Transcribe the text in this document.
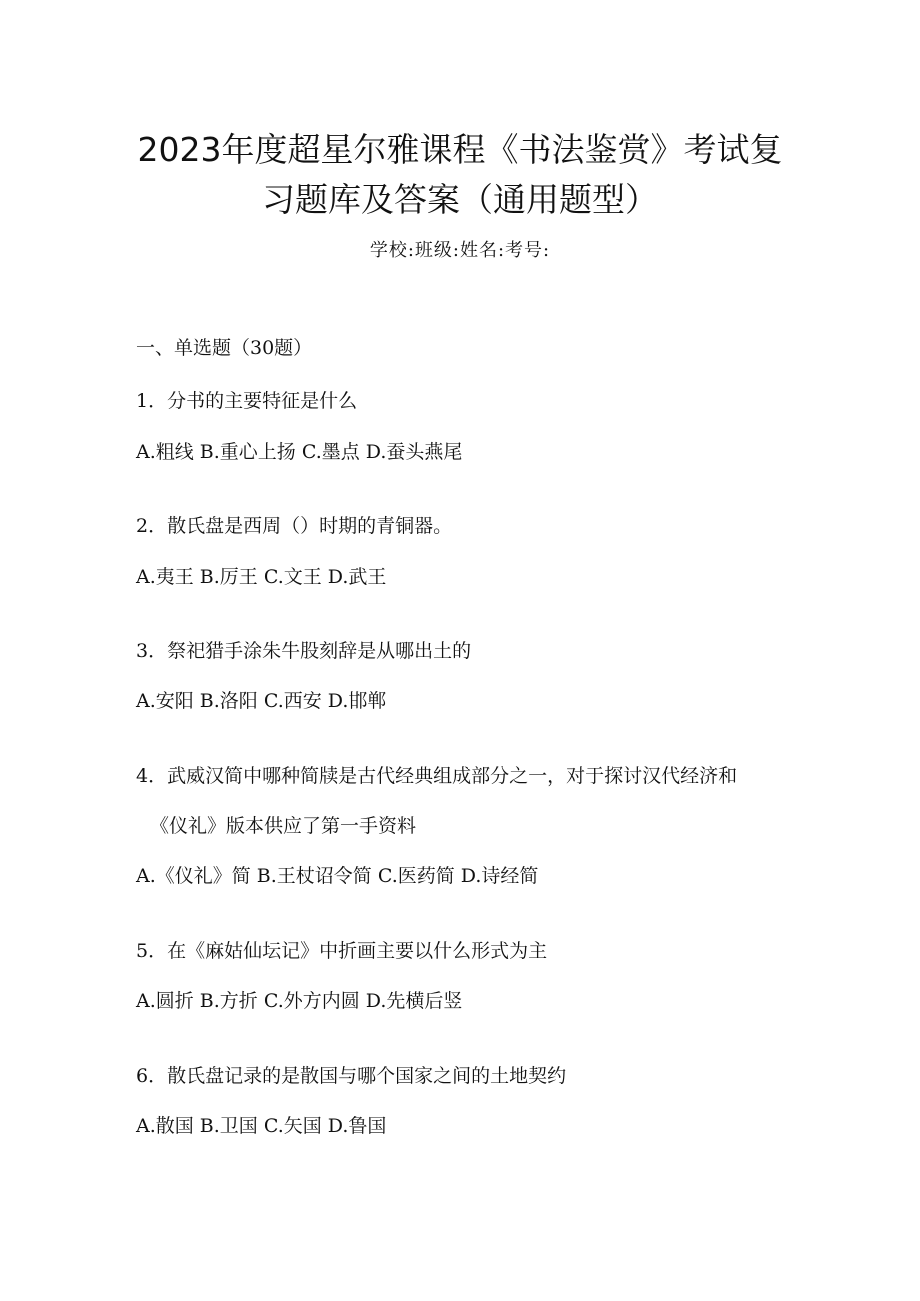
2023年度超星尔雅课程《书法鉴赏》考试复
习题库及答案（通用题型）
学校:班级:姓名:考号:

一、单选题（30题）

1．分书的主要特征是什么

A.粗线 B.重心上扬 C.墨点 D.蚕头燕尾

2．散氏盘是西周（）时期的青铜器。

A.夷王 B.厉王 C.文王 D.武王

3．祭祀猎手涂朱牛股刻辞是从哪出土的

A.安阳 B.洛阳 C.西安 D.邯郸

4．武威汉简中哪种简牍是古代经典组成部分之一，对于探讨汉代经济和

《仪礼》版本供应了第一手资料

A.《仪礼》简 B.王杖诏令简 C.医药简 D.诗经简

5．在《麻姑仙坛记》中折画主要以什么形式为主

A.圆折 B.方折 C.外方内圆 D.先横后竖

6．散氏盘记录的是散国与哪个国家之间的土地契约

A.散国 B.卫国 C.矢国 D.鲁国
